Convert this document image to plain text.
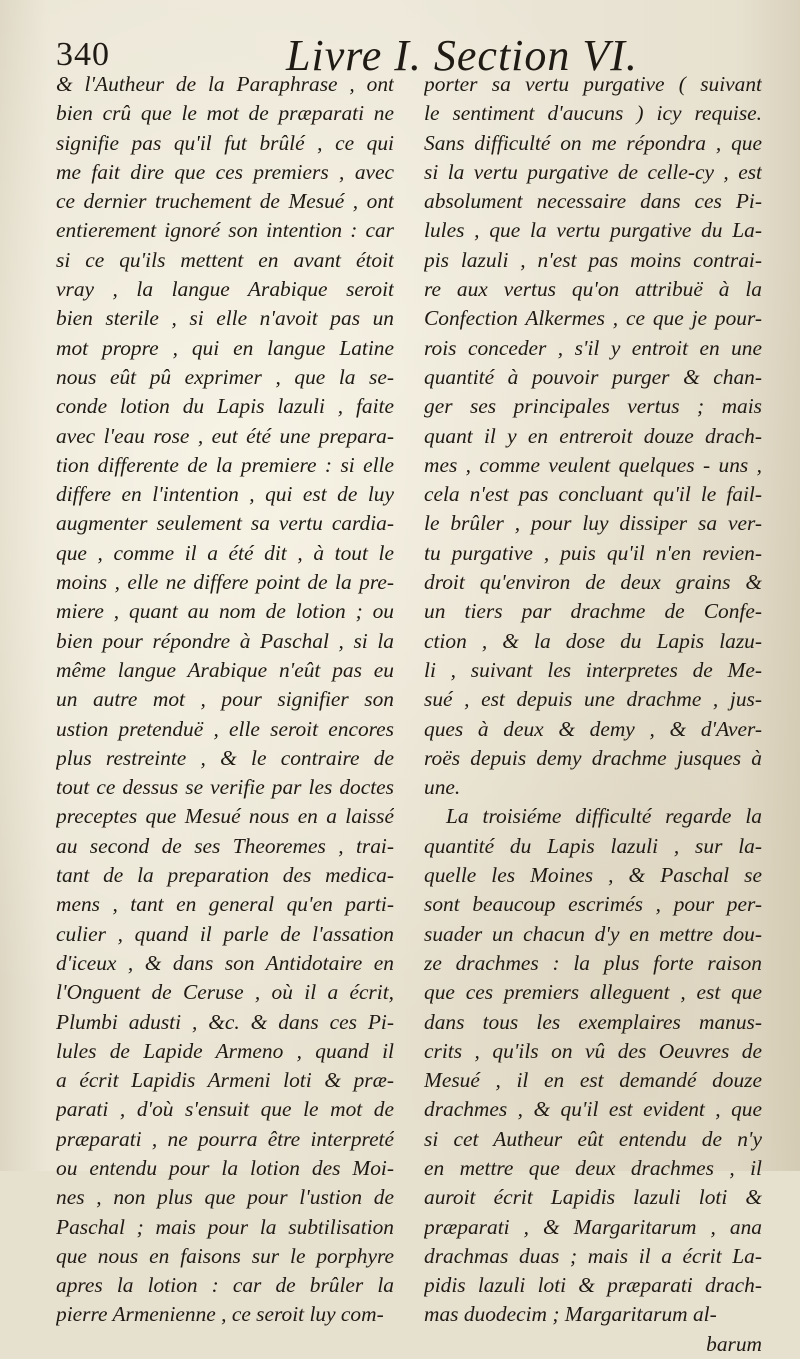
340	Livre I. Section VI.
& l'Autheur de la Paraphrase , ont
bien crû que le mot de præparati ne
signifie pas qu'il fut brûlé , ce qui
me fait dire que ces premiers , avec
ce dernier truchement de Mesué , ont
entierement ignoré son intention : car
si ce qu'ils mettent en avant étoit
vray , la langue Arabique seroit
bien sterile , si elle n'avoit pas un
mot propre , qui en langue Latine
nous eût pû exprimer , que la se-
conde lotion du Lapis lazuli , faite
avec l'eau rose , eut été une prepara-
tion differente de la premiere : si elle
differe en l'intention , qui est de luy
augmenter seulement sa vertu cardia-
que , comme il a été dit , à tout le
moins , elle ne differe point de la pre-
miere , quant au nom de lotion ; ou
bien pour répondre à Paschal , si la
même langue Arabique n'eût pas eu
un autre mot , pour signifier son
ustion pretenduë , elle seroit encores
plus restreinte , & le contraire de
tout ce dessus se verifie par les doctes
preceptes que Mesué nous en a laissé
au second de ses Theoremes , trai-
tant de la preparation des medica-
mens , tant en general qu'en parti-
culier , quand il parle de l'assation
d'iceux , & dans son Antidotaire en
l'Onguent de Ceruse , où il a écrit,
Plumbi adusti , &c. & dans ces Pi-
lules de Lapide Armeno , quand il
a écrit Lapidis Armeni loti & præ-
parati , d'où s'ensuit que le mot de
præparati , ne pourra être interpreté
ou entendu pour la lotion des Moi-
nes , non plus que pour l'ustion de
Paschal ; mais pour la subtilisation
que nous en faisons sur le porphyre
apres la lotion : car de brûler la
pierre Armenienne , ce seroit luy com-
porter sa vertu purgative ( suivant
le sentiment d'aucuns ) icy requise.
Sans difficulté on me répondra , que
si la vertu purgative de celle-cy , est
absolument necessaire dans ces Pi-
lules , que la vertu purgative du La-
pis lazuli , n'est pas moins contrai-
re aux vertus qu'on attribuë à la
Confection Alkermes , ce que je pour-
rois conceder , s'il y entroit en une
quantité à pouvoir purger & chan-
ger ses principales vertus ; mais
quant il y en entreroit douze drach-
mes , comme veulent quelques - uns ,
cela n'est pas concluant qu'il le fail-
le brûler , pour luy dissiper sa ver-
tu purgative , puis qu'il n'en revien-
droit qu'environ de deux grains &
un tiers par drachme de Confe-
ction , & la dose du Lapis lazu-
li , suivant les interpretes de Me-
sué , est depuis une drachme , jus-
ques à deux & demy , & d'Aver-
roës depuis demy drachme jusques à
une.
La troisiéme difficulté regarde la
quantité du Lapis lazuli , sur la-
quelle les Moines , & Paschal se
sont beaucoup escrimés , pour per-
suader un chacun d'y en mettre dou-
ze drachmes : la plus forte raison
que ces premiers alleguent , est que
dans tous les exemplaires manus-
crits , qu'ils on vû des Oeuvres de
Mesué , il en est demandé douze
drachmes , & qu'il est evident , que
si cet Autheur eût entendu de n'y
en mettre que deux drachmes , il
auroit écrit Lapidis lazuli loti &
præparati , & Margaritarum , ana
drachmas duas ; mais il a écrit La-
pidis lazuli loti & præparati drach-
mas duodecim ; Margaritarum al-
barum
